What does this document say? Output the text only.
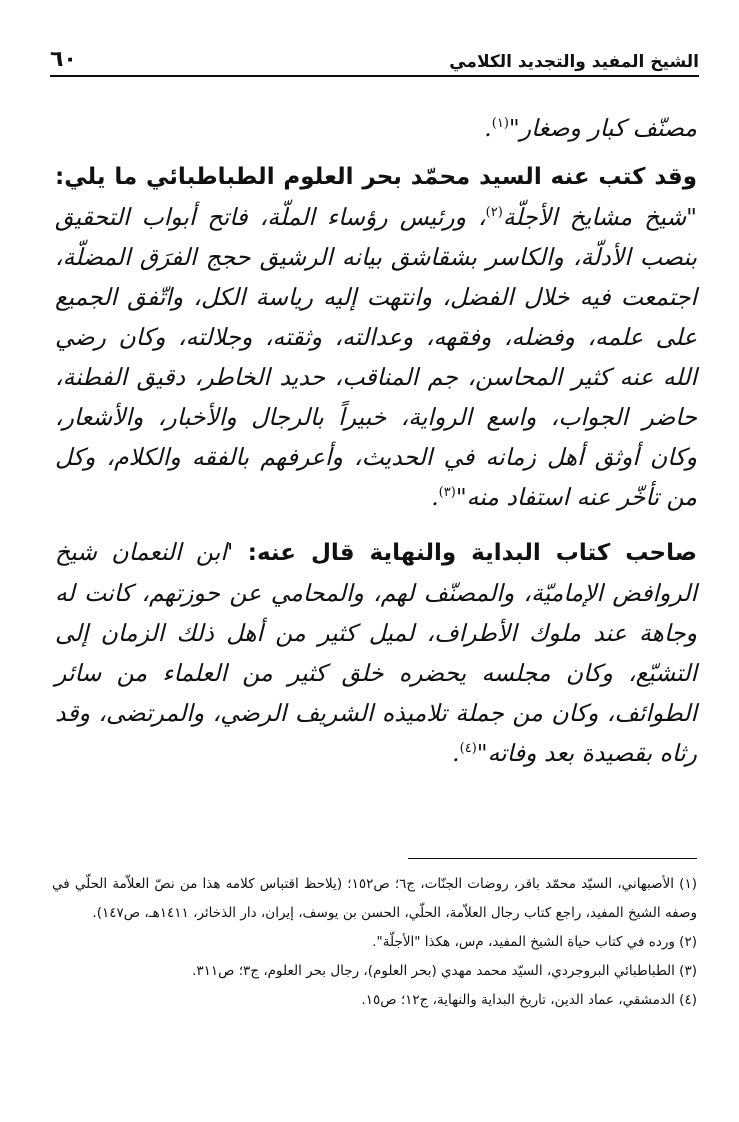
الشيخ المفيد والتجديد الكلامي
٦٠

مصنّف كبار وصغار"$^{(١)}$.

وقد كتب عنه السيد محمّد بحر العلوم الطباطبائي ما يلي: "شيخ مشايخ الأجلّة$^{(٢)}$، ورئيس رؤساء الملّة، فاتح أبواب التحقيق بنصب الأدلّة، والكاسر بشقاشق بيانه الرشيق حجج الفرَق المضلّة، اجتمعت فيه خلال الفضل، وانتهت إليه رياسة الكل، واتّفق الجميع على علمه، وفضله، وفقهه، وعدالته، وثقته، وجلالته، وكان رضي الله عنه كثير المحاسن، جم المناقب، حديد الخاطر، دقيق الفطنة، حاضر الجواب، واسع الرواية، خبيراً بالرجال والأخبار، والأشعار، وكان أوثق أهل زمانه في الحديث، وأعرفهم بالفقه والكلام، وكل من تأخّر عنه استفاد منه"$^{(٣)}$.

صاحب كتاب البداية والنهاية قال عنه: 'ابن النعمان شيخ الروافض الإماميّة، والمصنّف لهم، والمحامي عن حوزتهم، كانت له وجاهة عند ملوك الأطراف، لميل كثير من أهل ذلك الزمان إلى التشيّع، وكان مجلسه يحضره خلق كثير من العلماء من سائر الطوائف، وكان من جملة تلاميذه الشريف الرضي، والمرتضى، وقد رثاه بقصيدة بعد وفاته"$^{(٤)}$.

(١) الأصبهاني، السيّد محمّد باقر، روضات الجنّات، ج٦؛ ص١٥٢؛ (يلاحظ اقتباس كلامه هذا من نصّ العلاّمة الحلّي في وصفه الشيخ المفيد، راجع كتاب رجال العلاّمة، الحلّي، الحسن بن يوسف، إيران، دار الذخائر، ١٤١١هـ، ص١٤٧).

(٢) ورده في كتاب حياة الشيخ المفيد، م‌س، هكذا "الأجلّة".

(٣) الطباطبائي البروجردي، السيّد محمد مهدي (بحر العلوم)، رجال بحر العلوم، ج٣؛ ص٣١١.

(٤) الدمشقي، عماد الدين، تاريخ البداية والنهاية، ج١٢؛ ص١٥.
